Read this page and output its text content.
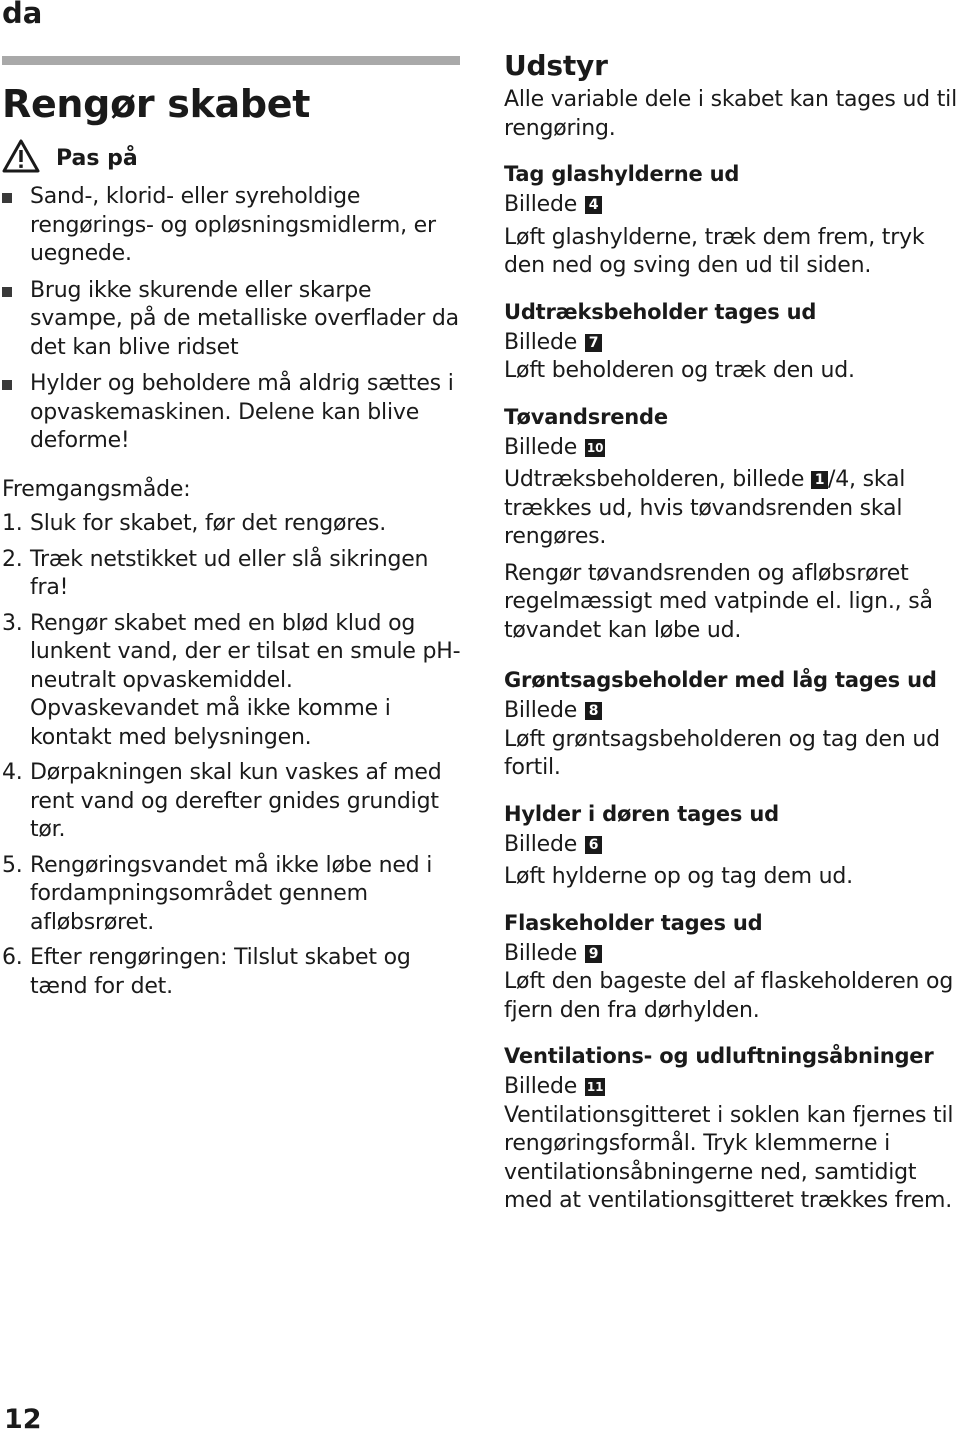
da
Rengør skabet
Pas på
Sand-, klorid- eller syreholdige rengørings- og opløsningsmidlerm, er uegnede.
Brug ikke skurende eller skarpe svampe, på de metalliske overflader da det kan blive ridset
Hylder og beholdere må aldrig sættes i opvaskemaskinen. Delene kan blive deforme!
Fremgangsmåde:
1. Sluk for skabet, før det rengøres.
2. Træk netstikket ud eller slå sikringen fra!
3. Rengør skabet med en blød klud og lunkent vand, der er tilsat en smule pH-neutralt opvaskemiddel. Opvaskevandet må ikke komme i kontakt med belysningen.
4. Dørpakningen skal kun vaskes af med rent vand og derefter gnides grundigt tør.
5. Rengøringsvandet må ikke løbe ned i fordampningsområdet gennem afløbsrøret.
6. Efter rengøringen: Tilslut skabet og tænd for det.
Udstyr
Alle variable dele i skabet kan tages ud til rengøring.
Tag glashylderne ud
Billede 4
Løft glashylderne, træk dem frem, tryk den ned og sving den ud til siden.
Udtræksbeholder tages ud
Billede 7
Løft beholderen og træk den ud.
Tøvandsrende
Billede 10
Udtræksbeholderen, billede 1 /4, skal trækkes ud, hvis tøvandsrenden skal rengøres.
Rengør tøvandsrenden og afløbsrøret regelmæssigt med vatpinde el. lign., så tøvandet kan løbe ud.
Grøntsagsbeholder med låg tages ud
Billede 8
Løft grøntsagsbeholderen og tag den ud fortil.
Hylder i døren tages ud
Billede 6
Løft hylderne op og tag dem ud.
Flaskeholder tages ud
Billede 9
Løft den bageste del af flaskeholderen og fjern den fra dørhylden.
Ventilations- og udluftningsåbninger
Billede 11
Ventilationsgitteret i soklen kan fjernes til rengøringsformål. Tryk klemmerne i ventilationsåbningerne ned, samtidigt med at ventilationsgitteret trækkes frem.
12
